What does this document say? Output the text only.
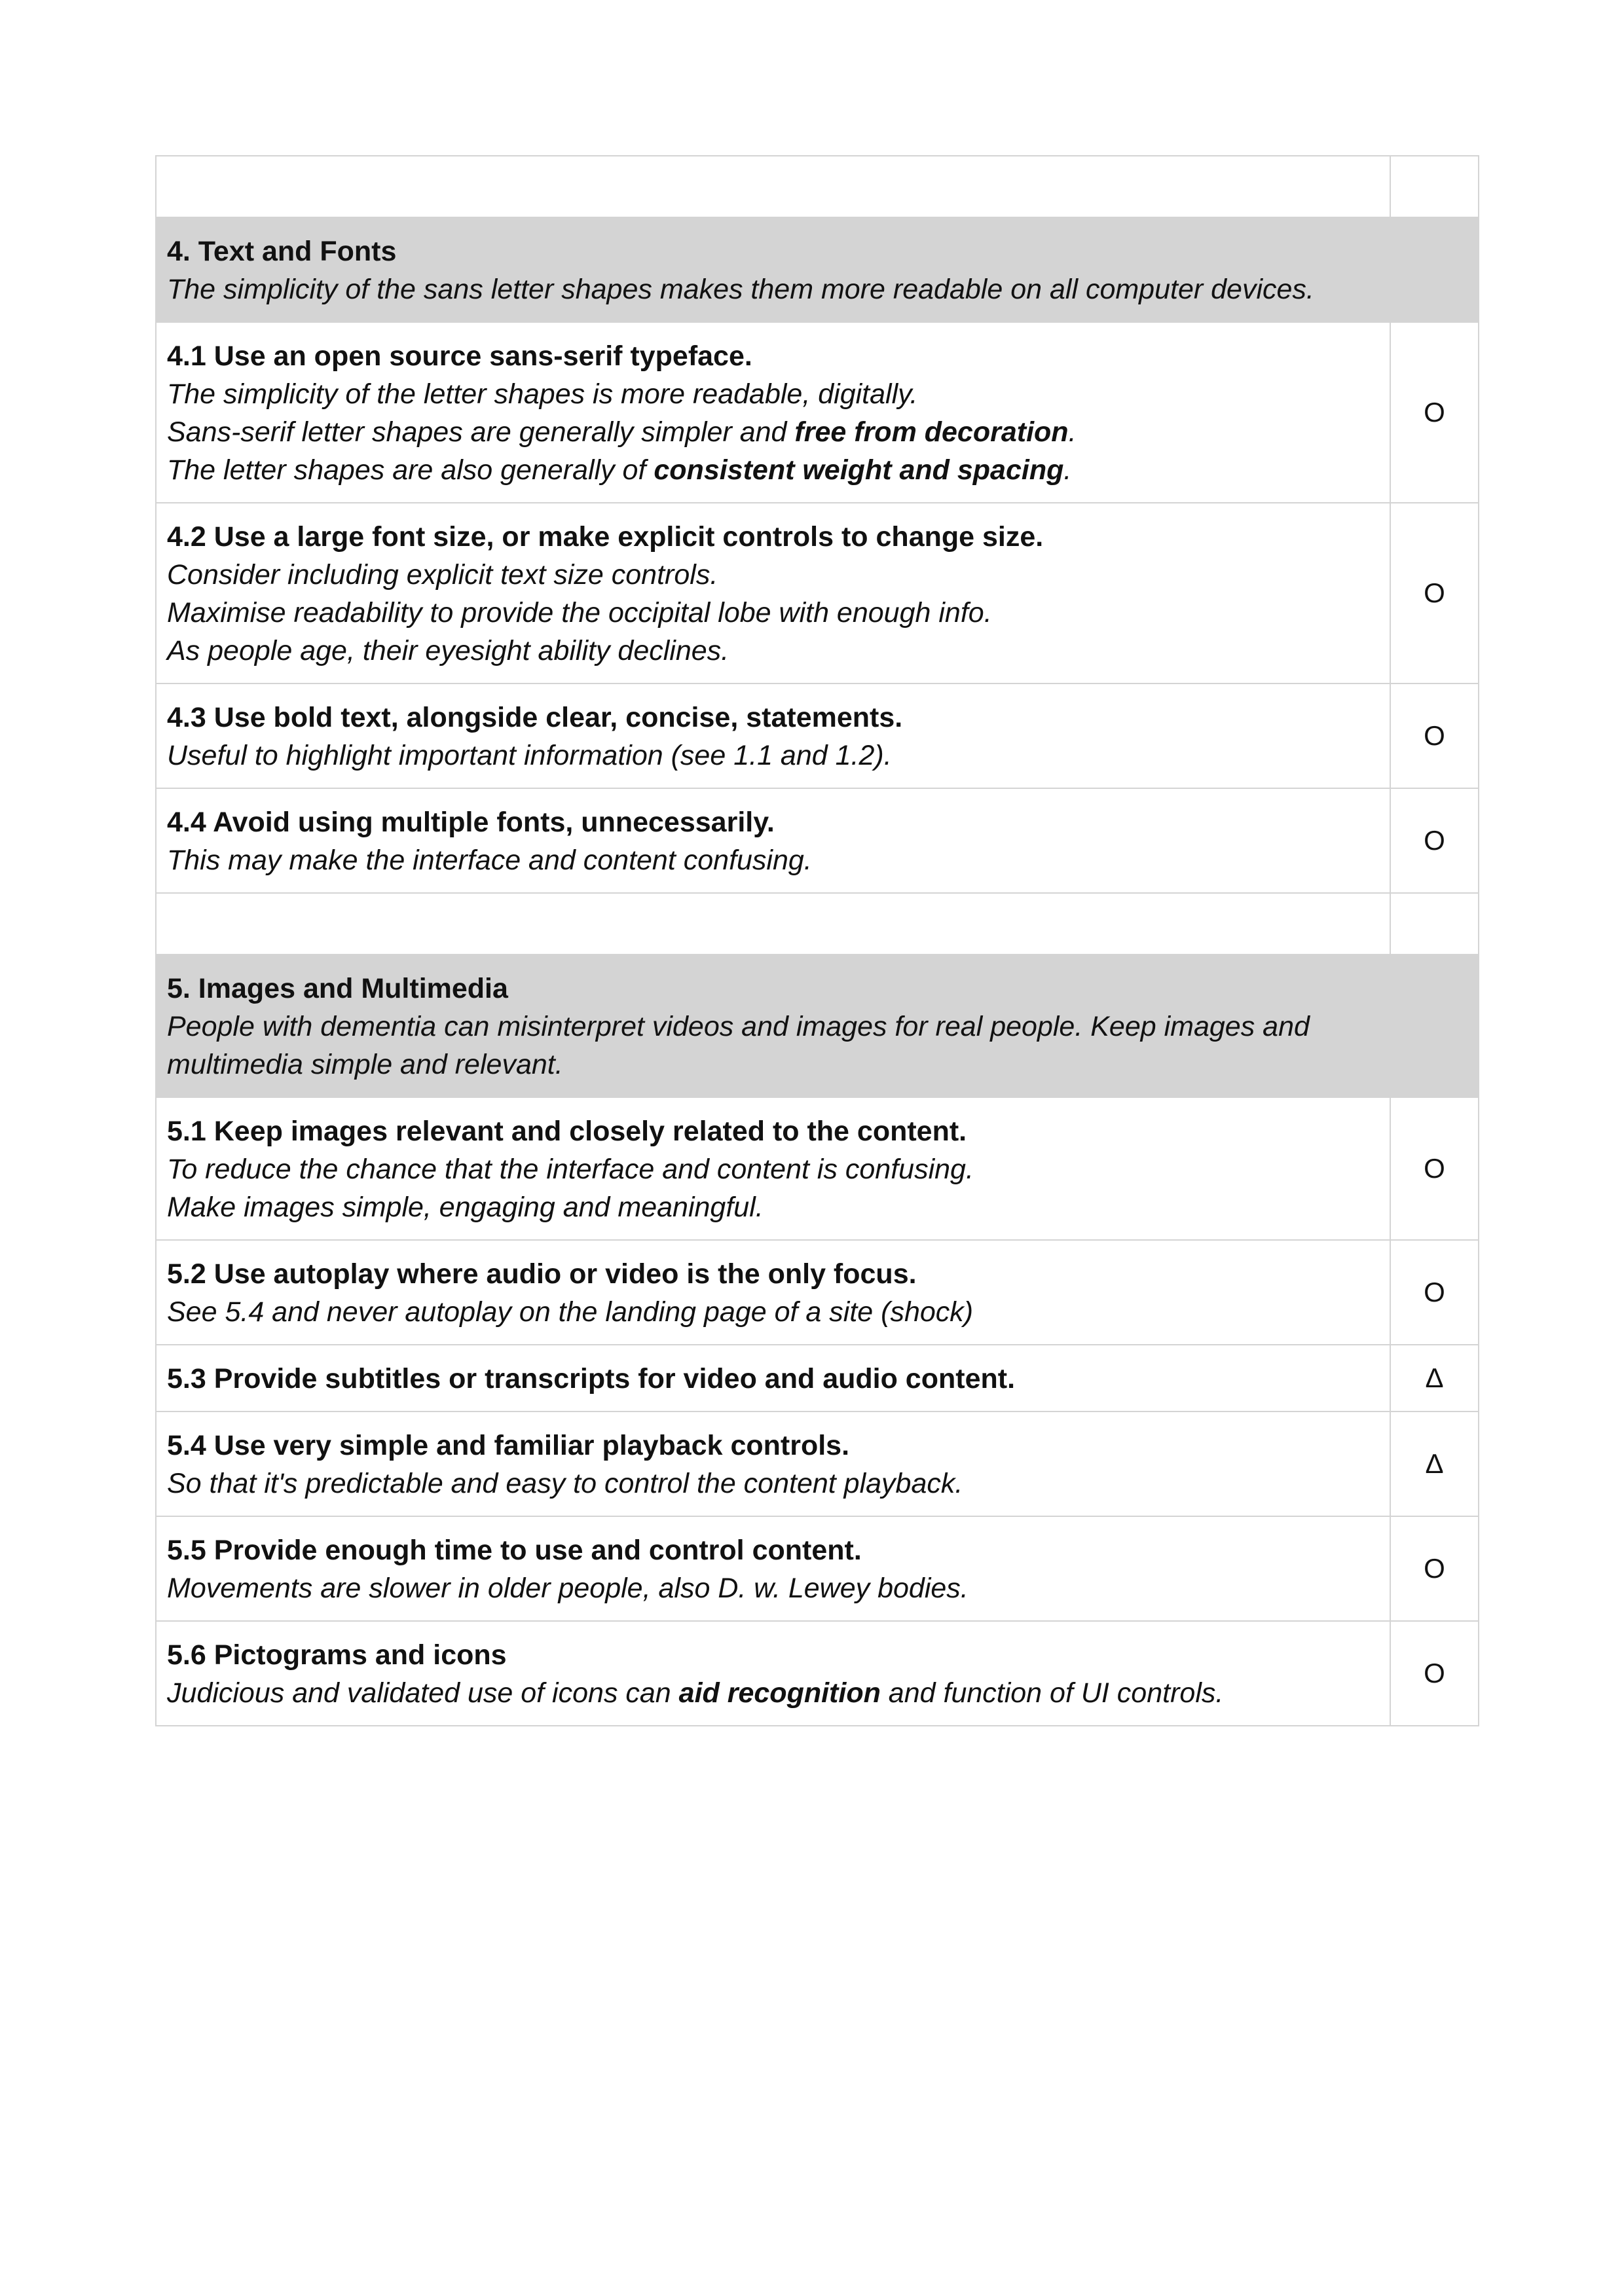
4. Text and Fonts
The simplicity of the sans letter shapes makes them more readable on all computer devices.	

4.1 Use an open source sans-serif typeface.
The simplicity of the letter shapes is more readable, digitally.
Sans-serif letter shapes are generally simpler and free from decoration.
The letter shapes are also generally of consistent weight and spacing.	O

4.2 Use a large font size, or make explicit controls to change size.
Consider including explicit text size controls.
Maximise readability to provide the occipital lobe with enough info.
As people age, their eyesight ability declines.	O

4.3 Use bold text, alongside clear, concise, statements.
Useful to highlight important information (see 1.1 and 1.2).	O

4.4 Avoid using multiple fonts, unnecessarily.
This may make the interface and content confusing.	O

5. Images and Multimedia
People with dementia can misinterpret videos and images for real people. Keep images and
multimedia simple and relevant.	

5.1 Keep images relevant and closely related to the content.
To reduce the chance that the interface and content is confusing.
Make images simple, engaging and meaningful.	O

5.2 Use autoplay where audio or video is the only focus.
See 5.4 and never autoplay on the landing page of a site (shock)	O

5.3 Provide subtitles or transcripts for video and audio content.	Δ

5.4 Use very simple and familiar playback controls.
So that it's predictable and easy to control the content playback.	Δ

5.5 Provide enough time to use and control content.
Movements are slower in older people, also D. w. Lewey bodies.	O

5.6 Pictograms and icons
Judicious and validated use of icons can aid recognition and function of UI controls.	O
